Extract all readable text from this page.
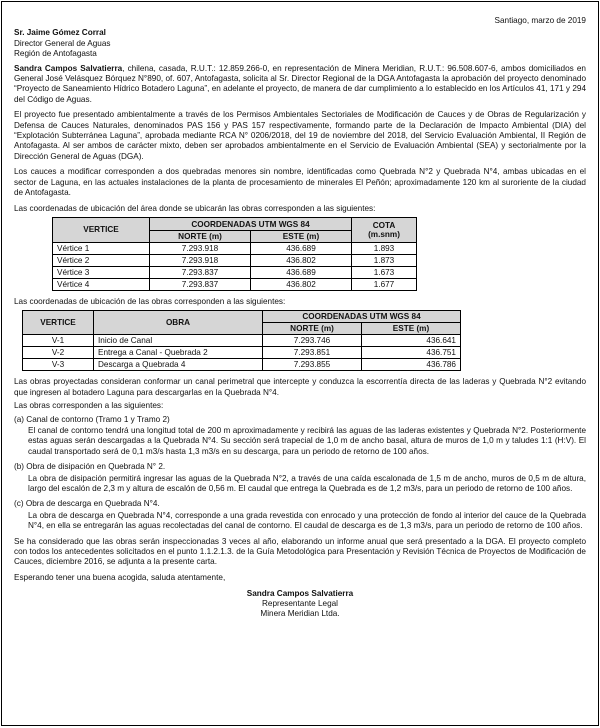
Santiago, marzo de 2019
Sr. Jaime Gómez Corral
Director General de Aguas
Región de Antofagasta

Sandra Campos Salvatierra, chilena, casada, R.U.T.: 12.859.266-0, en representación de Minera Meridian, R.U.T.: 96.508.607-6, ambos domiciliados en General José Velásquez Bórquez N°890, of. 607, Antofagasta, solicita al Sr. Director Regional de la DGA Antofagasta la aprobación del proyecto denominado “Proyecto de Saneamiento Hídrico Botadero Laguna”, en adelante el proyecto, de manera de dar cumplimiento a lo establecido en los Artículos 41, 171 y 294 del Código de Aguas.

El proyecto fue presentado ambientalmente a través de los Permisos Ambientales Sectoriales de Modificación de Cauces y de Obras de Regularización y Defensa de Cauces Naturales, denominados PAS 156 y PAS 157 respectivamente, formando parte de la Declaración de Impacto Ambiental (DIA) del “Explotación Subterránea Laguna”, aprobada mediante RCA N° 0206/2018, del 19 de noviembre del 2018, del Servicio Evaluación Ambiental, II Región de Antofagasta. Al ser ambos de carácter mixto, deben ser aprobados ambientalmente en el Servicio de Evaluación Ambiental (SEA) y sectorialmente por la Dirección General de Aguas (DGA).

Los cauces a modificar corresponden a dos quebradas menores sin nombre, identificadas como Quebrada N°2 y Quebrada N°4, ambas ubicadas en el sector de Laguna, en las actuales instalaciones de la planta de procesamiento de minerales El Peñón; aproximadamente 120 km al suroriente de la ciudad de Antofagasta.

Las coordenadas de ubicación del área donde se ubicarán las obras corresponden a las siguientes:

VERTICE	COORDENADAS UTM WGS 84		COTA
(m.snm)
	NORTE (m)	ESTE (m)	
Vértice 1	7.293.918	436.689	1.893
Vértice 2	7.293.918	436.802	1.873
Vértice 3	7.293.837	436.689	1.673
Vértice 4	7.293.837	436.802	1.677

Las coordenadas de ubicación de las obras corresponden a las siguientes:

VERTICE	OBRA	COORDENADAS UTM WGS 84	
		NORTE (m)	ESTE (m)
V-1	Inicio de Canal	7.293.746	436.641
V-2	Entrega a Canal - Quebrada 2	7.293.851	436.751
V-3	Descarga a Quebrada 4	7.293.855	436.786

Las obras proyectadas consideran conformar un canal perimetral que intercepte y conduzca la escorrentía directa de las laderas y Quebrada N°2 evitando que ingresen al botadero Laguna para descargarlas en la Quebrada N°4.

Las obras corresponden a las siguientes:

(a) Canal de contorno (Tramo 1 y Tramo 2)
El canal de contorno tendrá una longitud total de 200 m aproximadamente y recibirá las aguas de las laderas existentes y Quebrada N°2. Posteriormente estas aguas serán descargadas a la Quebrada N°4. Su sección será trapecial de 1,0 m de ancho basal, altura de muros de 1,0 m y taludes 1:1 (H:V). El caudal transportado será de 0,1 m3/s hasta 1,3 m3/s en su descarga, para un periodo de retorno de 100 años.
(b) Obra de disipación en Quebrada N° 2.
La obra de disipación permitirá ingresar las aguas de la Quebrada N°2, a través de una caída escalonada de 1,5 m de ancho, muros de 0,5 m de altura, largo del escalón de 2,3 m y altura de escalón de 0,56 m. El caudal que entrega la Quebrada es de 1,2 m3/s, para un periodo de retorno de 100 años.
(c) Obra de descarga en Quebrada N°4.
La obra de descarga en Quebrada N°4, corresponde a una grada revestida con enrocado y una protección de fondo al interior del cauce de la Quebrada N°4, en ella se entregarán las aguas recolectadas del canal de contorno. El caudal de descarga es de 1,3 m3/s, para un periodo de retorno de 100 años.

Se ha considerado que las obras serán inspeccionadas 3 veces al año, elaborando un informe anual que será presentado a la DGA. El proyecto completo con todos los antecedentes solicitados en el punto 1.1.2.1.3. de la Guía Metodológica para Presentación y Revisión Técnica de Proyectos de Modificación de Cauces, diciembre 2016, se adjunta a la presente carta.

Esperando tener una buena acogida, saluda atentamente,

Sandra Campos Salvatierra
Representante Legal
Minera Meridian Ltda.
